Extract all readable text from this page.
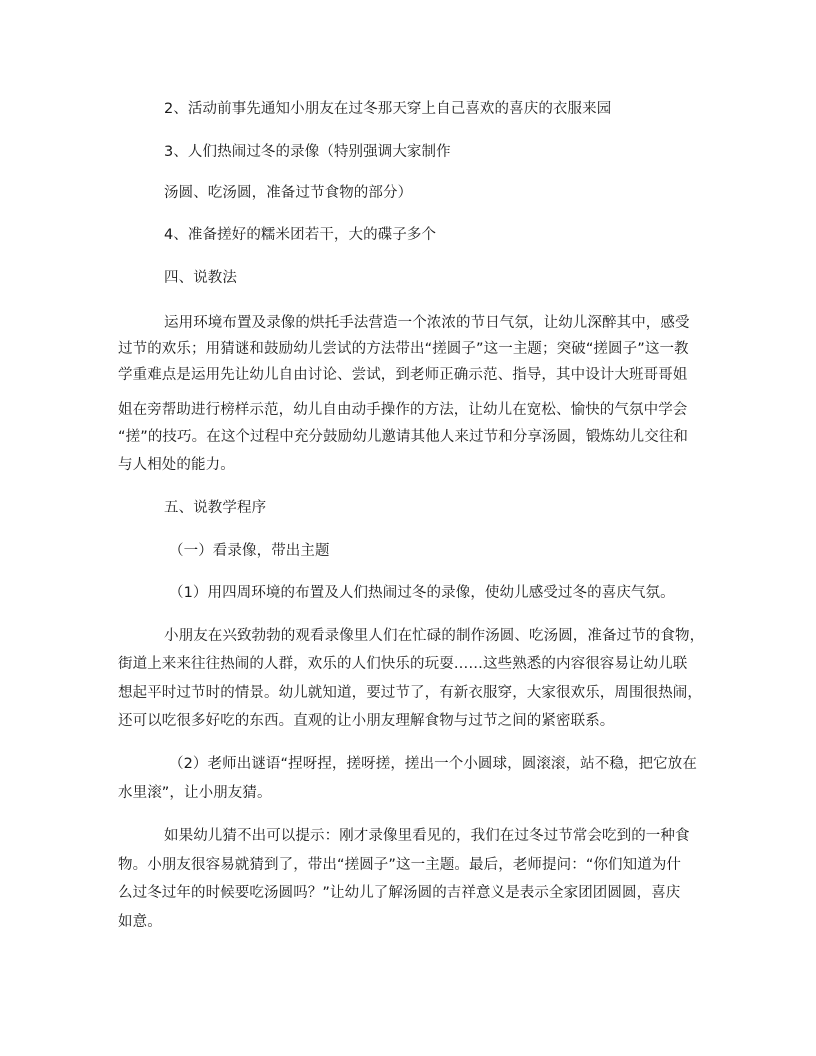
2、活动前事先通知小朋友在过冬那天穿上自己喜欢的喜庆的衣服来园
3、人们热闹过冬的录像（特别强调大家制作
汤圆、吃汤圆，准备过节食物的部分）
4、准备搓好的糯米团若干，大的碟子多个
四、说教法
运用环境布置及录像的烘托手法营造一个浓浓的节日气氛，让幼儿深醉其中，感受
过节的欢乐；用猜谜和鼓励幼儿尝试的方法带出“搓圆子”这一主题；突破“搓圆子”这一教
学重难点是运用先让幼儿自由讨论、尝试，到老师正确示范、指导，其中设计大班哥哥姐
姐在旁帮助进行榜样示范，幼儿自由动手操作的方法，让幼儿在宽松、愉快的气氛中学会
“搓”的技巧。在这个过程中充分鼓励幼儿邀请其他人来过节和分享汤圆，锻炼幼儿交往和
与人相处的能力。
五、说教学程序
（一）看录像，带出主题
（1）用四周环境的布置及人们热闹过冬的录像，使幼儿感受过冬的喜庆气氛。
小朋友在兴致勃勃的观看录像里人们在忙碌的制作汤圆、吃汤圆，准备过节的食物，
街道上来来往往热闹的人群，欢乐的人们快乐的玩耍……这些熟悉的内容很容易让幼儿联
想起平时过节时的情景。幼儿就知道，要过节了，有新衣服穿，大家很欢乐，周围很热闹，
还可以吃很多好吃的东西。直观的让小朋友理解食物与过节之间的紧密联系。
（2）老师出谜语“捏呀捏，搓呀搓，搓出一个小圆球，圆滚滚，站不稳，把它放在
水里滚”，让小朋友猜。
如果幼儿猜不出可以提示：刚才录像里看见的，我们在过冬过节常会吃到的一种食
物。小朋友很容易就猜到了，带出“搓圆子”这一主题。最后，老师提问：“你们知道为什
么过冬过年的时候要吃汤圆吗？”让幼儿了解汤圆的吉祥意义是表示全家团团圆圆，喜庆
如意。
